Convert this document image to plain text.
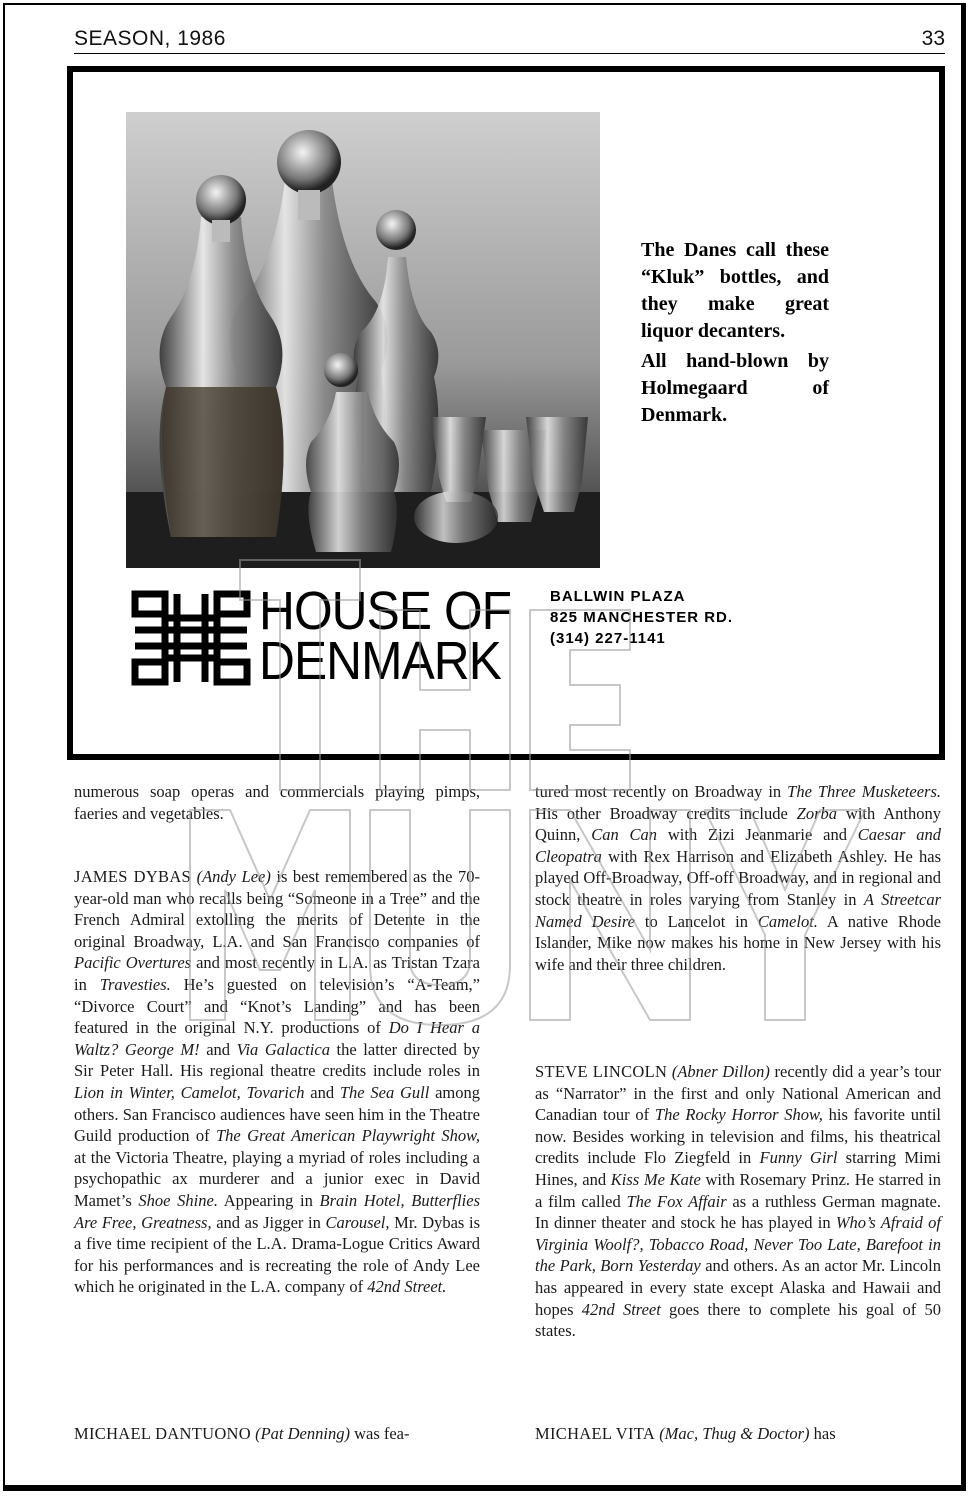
SEASON, 1986	33

The Danes call these “Kluk” bottles, and they make great liquor decanters.

All hand-blown by Holmegaard of Denmark.

HOUSE OF
DENMARK
BALLWIN PLAZA
825 MANCHESTER RD.
(314) 227-1141

numerous soap operas and commercials playing pimps, faeries and vegetables.

JAMES DYBAS (Andy Lee) is best remembered as the 70-year-old man who recalls being “Someone in a Tree” and the French Admiral extolling the merits of Detente in the original Broadway, L.A. and San Francisco companies of Pacific Overtures and most recently in L.A. as Tristan Tzara in Travesties. He’s guested on television’s “A-Team,” “Divorce Court” and “Knot’s Landing” and has been featured in the original N.Y. productions of Do I Hear a Waltz? George M! and Via Galactica the latter directed by Sir Peter Hall. His regional theatre credits include roles in Lion in Winter, Camelot, Tovarich and The Sea Gull among others. San Francisco audiences have seen him in the Theatre Guild production of The Great American Playwright Show, at the Victoria Theatre, playing a myriad of roles including a psychopathic ax murderer and a junior exec in David Mamet’s Shoe Shine. Appearing in Brain Hotel, Butterflies Are Free, Greatness, and as Jigger in Carousel, Mr. Dybas is a five time recipient of the L.A. Drama-Logue Critics Award for his performances and is recreating the role of Andy Lee which he originated in the L.A. company of 42nd Street.

MICHAEL DANTUONO (Pat Denning) was fea-

tured most recently on Broadway in The Three Musketeers. His other Broadway credits include Zorba with Anthony Quinn, Can Can with Zizi Jeanmarie and Caesar and Cleopatra with Rex Harrison and Elizabeth Ashley. He has played Off-Broadway, Off-off Broadway, and in regional and stock theatre in roles varying from Stanley in A Streetcar Named Desire to Lancelot in Camelot. A native Rhode Islander, Mike now makes his home in New Jersey with his wife and their three children.

STEVE LINCOLN (Abner Dillon) recently did a year’s tour as “Narrator” in the first and only National American and Canadian tour of The Rocky Horror Show, his favorite until now. Besides working in television and films, his theatrical credits include Flo Ziegfeld in Funny Girl starring Mimi Hines, and Kiss Me Kate with Rosemary Prinz. He starred in a film called The Fox Affair as a ruthless German magnate. In dinner theater and stock he has played in Who’s Afraid of Virginia Woolf?, Tobacco Road, Never Too Late, Barefoot in the Park, Born Yesterday and others. As an actor Mr. Lincoln has appeared in every state except Alaska and Hawaii and hopes 42nd Street goes there to complete his goal of 50 states.

MICHAEL VITA (Mac, Thug & Doctor) has
